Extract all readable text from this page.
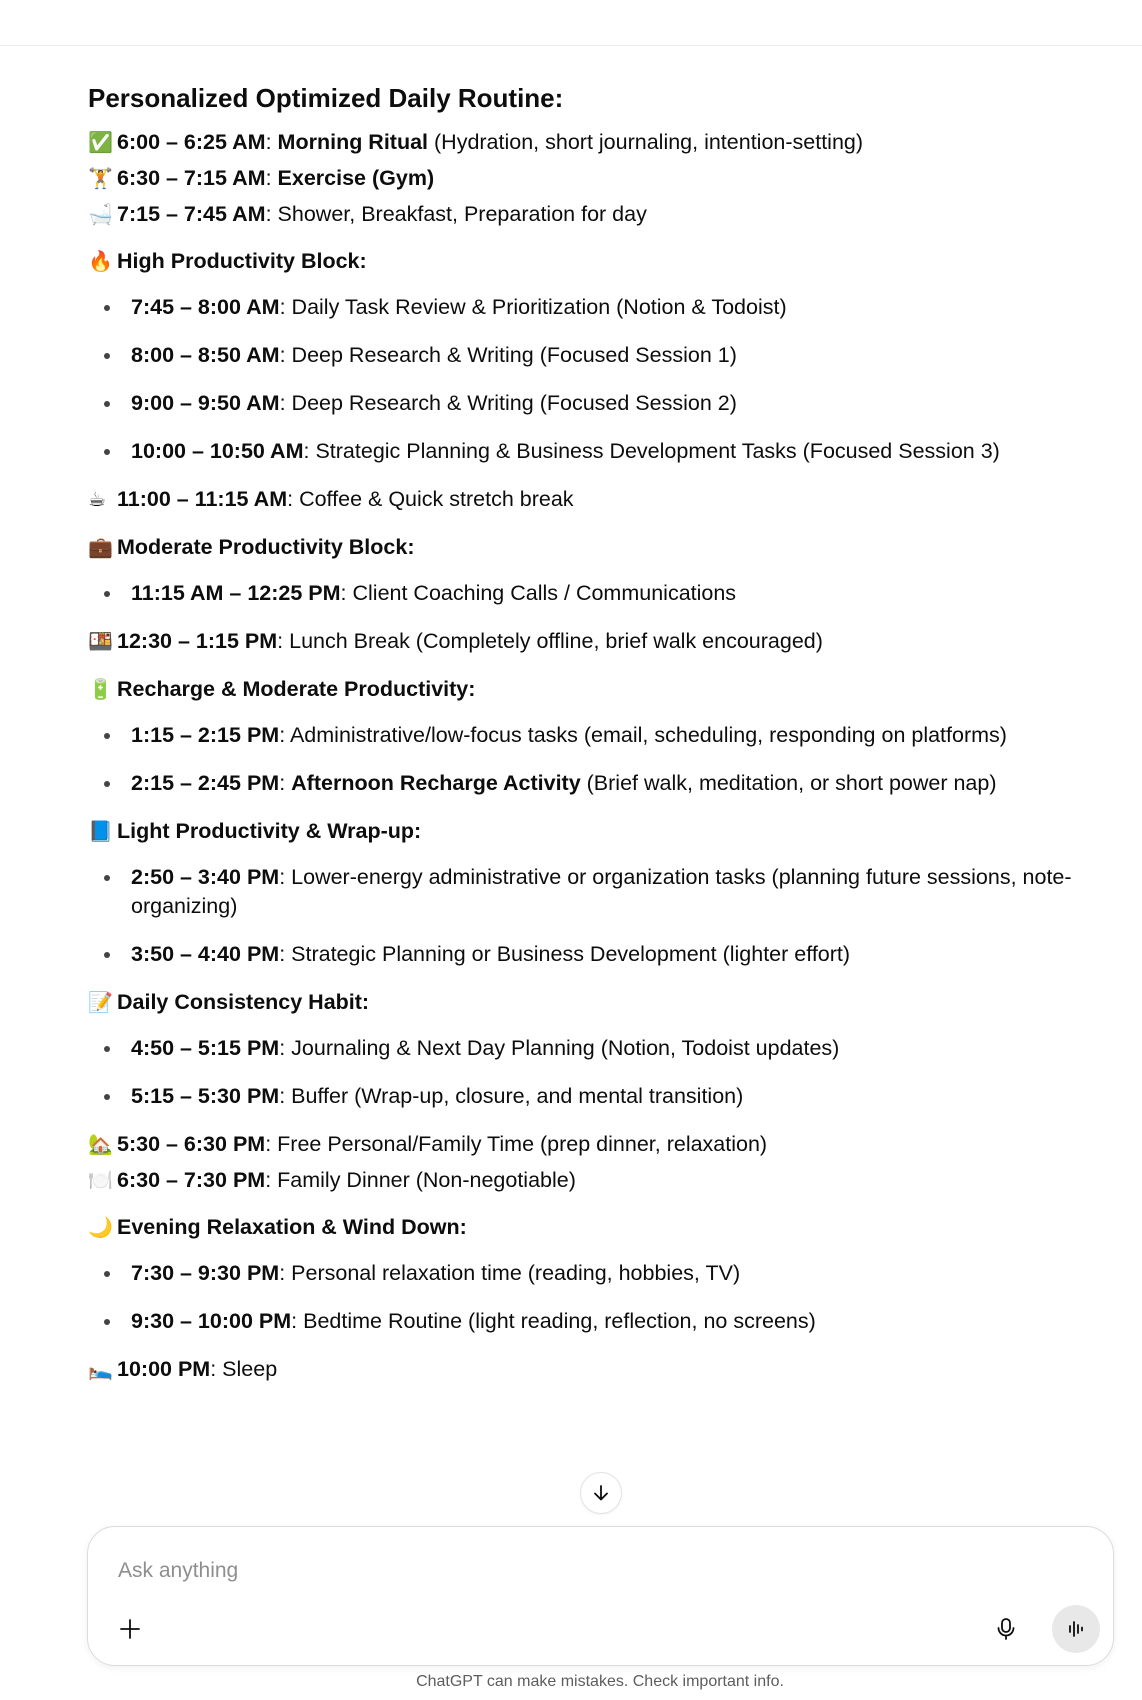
Personalized Optimized Daily Routine:
✅ 6:00 – 6:25 AM: Morning Ritual (Hydration, short journaling, intention-setting)
🏋️ 6:30 – 7:15 AM: Exercise (Gym)
🛁 7:15 – 7:45 AM: Shower, Breakfast, Preparation for day
🔥 High Productivity Block:
7:45 – 8:00 AM: Daily Task Review & Prioritization (Notion & Todoist)
8:00 – 8:50 AM: Deep Research & Writing (Focused Session 1)
9:00 – 9:50 AM: Deep Research & Writing (Focused Session 2)
10:00 – 10:50 AM: Strategic Planning & Business Development Tasks (Focused Session 3)
☕ 11:00 – 11:15 AM: Coffee & Quick stretch break
💼 Moderate Productivity Block:
11:15 AM – 12:25 PM: Client Coaching Calls / Communications
🍱 12:30 – 1:15 PM: Lunch Break (Completely offline, brief walk encouraged)
🔋 Recharge & Moderate Productivity:
1:15 – 2:15 PM: Administrative/low-focus tasks (email, scheduling, responding on platforms)
2:15 – 2:45 PM: Afternoon Recharge Activity (Brief walk, meditation, or short power nap)
📘 Light Productivity & Wrap-up:
2:50 – 3:40 PM: Lower-energy administrative or organization tasks (planning future sessions, note-organizing)
3:50 – 4:40 PM: Strategic Planning or Business Development (lighter effort)
📝 Daily Consistency Habit:
4:50 – 5:15 PM: Journaling & Next Day Planning (Notion, Todoist updates)
5:15 – 5:30 PM: Buffer (Wrap-up, closure, and mental transition)
🏡 5:30 – 6:30 PM: Free Personal/Family Time (prep dinner, relaxation)
🍽️ 6:30 – 7:30 PM: Family Dinner (Non-negotiable)
🌙 Evening Relaxation & Wind Down:
7:30 – 9:30 PM: Personal relaxation time (reading, hobbies, TV)
9:30 – 10:00 PM: Bedtime Routine (light reading, reflection, no screens)
🛌 10:00 PM: Sleep
Ask anything
ChatGPT can make mistakes. Check important info.
